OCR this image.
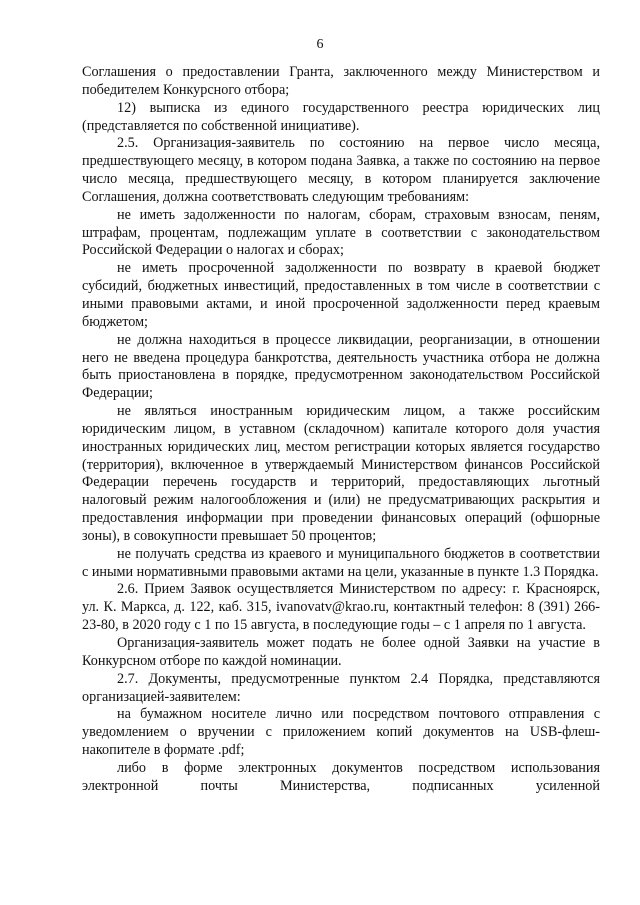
6

Соглашения о предоставлении Гранта, заключенного между Министерством и победителем Конкурсного отбора;

12) выписка из единого государственного реестра юридических лиц (представляется по собственной инициативе).

2.5. Организация-заявитель по состоянию на первое число месяца, предшествующего месяцу, в котором подана Заявка, а также по состоянию на первое число месяца, предшествующего месяцу, в котором планируется заключение Соглашения, должна соответствовать следующим требованиям:

не иметь задолженности по налогам, сборам, страховым взносам, пеням, штрафам, процентам, подлежащим уплате в соответствии с законодательством Российской Федерации о налогах и сборах;

не иметь просроченной задолженности по возврату в краевой бюджет субсидий, бюджетных инвестиций, предоставленных в том числе в соответствии с иными правовыми актами, и иной просроченной задолженности перед краевым бюджетом;

не должна находиться в процессе ликвидации, реорганизации, в отношении него не введена процедура банкротства, деятельность участника отбора не должна быть приостановлена в порядке, предусмотренном законодательством Российской Федерации;

не являться иностранным юридическим лицом, а также российским юридическим лицом, в уставном (складочном) капитале которого доля участия иностранных юридических лиц, местом регистрации которых является государство (территория), включенное в утверждаемый Министерством финансов Российской Федерации перечень государств и территорий, предоставляющих льготный налоговый режим налогообложения и (или) не предусматривающих раскрытия и предоставления информации при проведении финансовых операций (офшорные зоны), в совокупности превышает 50 процентов;

не получать средства из краевого и муниципального бюджетов в соответствии с иными нормативными правовыми актами на цели, указанные в пункте 1.3 Порядка.

2.6. Прием Заявок осуществляется Министерством по адресу: г. Красноярск, ул. К. Маркса, д. 122, каб. 315, ivanovatv@krao.ru, контактный телефон: 8 (391) 266-23-80, в 2020 году с 1 по 15 августа, в последующие годы – с 1 апреля по 1 августа.

Организация-заявитель может подать не более одной Заявки на участие в Конкурсном отборе по каждой номинации.

2.7. Документы, предусмотренные пунктом 2.4 Порядка, представляются организацией-заявителем:

на бумажном носителе лично или посредством почтового отправления с уведомлением о вручении с приложением копий документов на USB-флеш-накопителе в формате .pdf;

либо в форме электронных документов посредством использования электронной почты Министерства, подписанных усиленной
